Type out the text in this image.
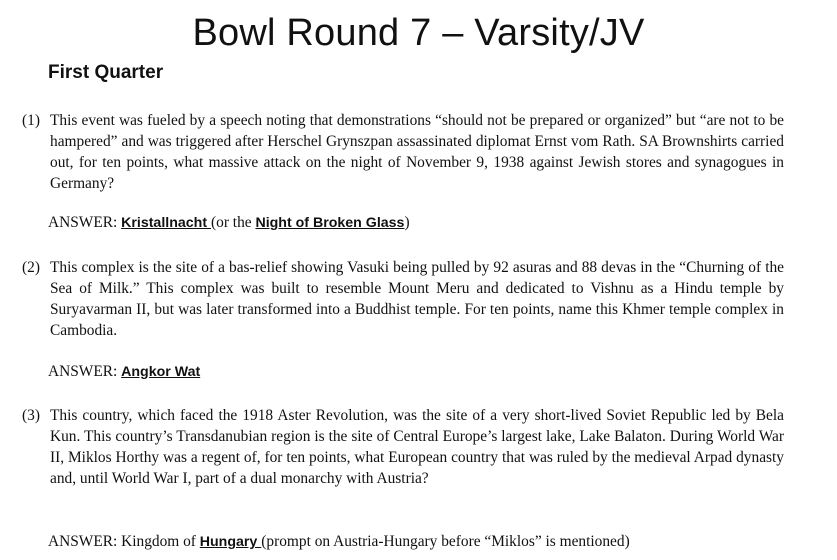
Bowl Round 7 – Varsity/JV
First Quarter
(1) This event was fueled by a speech noting that demonstrations “should not be prepared or organized” but “are not to be hampered” and was triggered after Herschel Grynszpan assassinated diplomat Ernst vom Rath. SA Brownshirts carried out, for ten points, what massive attack on the night of November 9, 1938 against Jewish stores and synagogues in Germany?
ANSWER: Kristallnacht (or the Night of Broken Glass)
(2) This complex is the site of a bas-relief showing Vasuki being pulled by 92 asuras and 88 devas in the “Churning of the Sea of Milk.” This complex was built to resemble Mount Meru and dedicated to Vishnu as a Hindu temple by Suryavarman II, but was later transformed into a Buddhist temple. For ten points, name this Khmer temple complex in Cambodia.
ANSWER: Angkor Wat
(3) This country, which faced the 1918 Aster Revolution, was the site of a very short-lived Soviet Republic led by Bela Kun. This country’s Transdanubian region is the site of Central Europe’s largest lake, Lake Balaton. During World War II, Miklos Horthy was a regent of, for ten points, what European country that was ruled by the medieval Arpad dynasty and, until World War I, part of a dual monarchy with Austria?
ANSWER: Kingdom of Hungary (prompt on Austria-Hungary before “Miklos” is mentioned)
